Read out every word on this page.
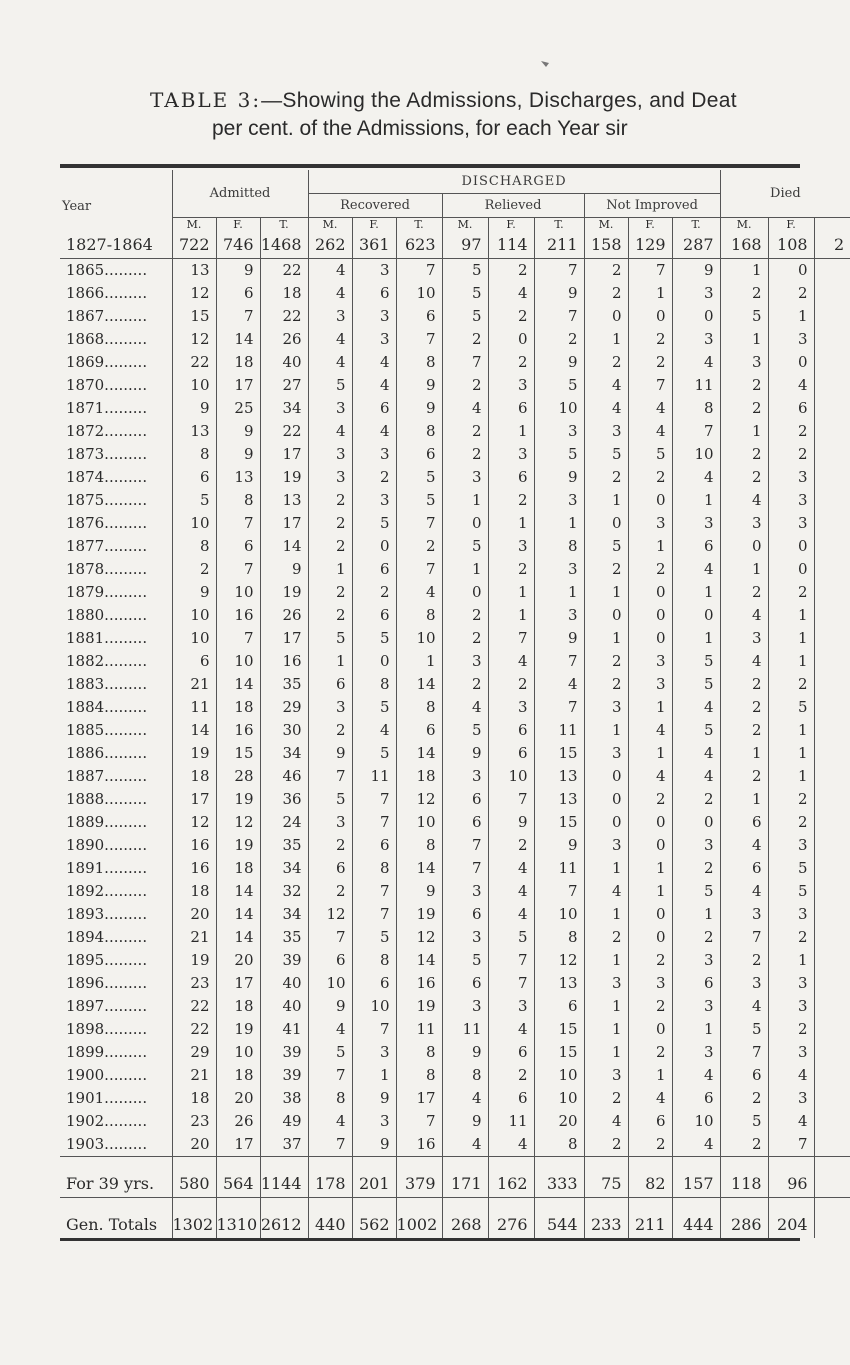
TABLE 3:—Showing the Admissions, Discharges, and Deat
per cent. of the Admissions, for each Year sir
Year	Admitted			DISCHARGED									Died		
				Recovered			Relieved			Not Improved					
	M.	F.	T.	M.	F.	T.	M.	F.	T.	M.	F.	T.	M.	F.	
1827-1864	722	746	1468	262	361	623	97	114	211	158	129	287	168	108	2
1865.........	13	9	22	4	3	7	5	2	7	2	7	9	1	0	
1866.........	12	6	18	4	6	10	5	4	9	2	1	3	2	2	
1867.........	15	7	22	3	3	6	5	2	7	0	0	0	5	1	
1868.........	12	14	26	4	3	7	2	0	2	1	2	3	1	3	
1869.........	22	18	40	4	4	8	7	2	9	2	2	4	3	0	
1870.........	10	17	27	5	4	9	2	3	5	4	7	11	2	4	
1871.........	9	25	34	3	6	9	4	6	10	4	4	8	2	6	
1872.........	13	9	22	4	4	8	2	1	3	3	4	7	1	2	
1873.........	8	9	17	3	3	6	2	3	5	5	5	10	2	2	
1874.........	6	13	19	3	2	5	3	6	9	2	2	4	2	3	
1875.........	5	8	13	2	3	5	1	2	3	1	0	1	4	3	
1876.........	10	7	17	2	5	7	0	1	1	0	3	3	3	3	
1877.........	8	6	14	2	0	2	5	3	8	5	1	6	0	0	
1878.........	2	7	9	1	6	7	1	2	3	2	2	4	1	0	
1879.........	9	10	19	2	2	4	0	1	1	1	0	1	2	2	
1880.........	10	16	26	2	6	8	2	1	3	0	0	0	4	1	
1881.........	10	7	17	5	5	10	2	7	9	1	0	1	3	1	
1882.........	6	10	16	1	0	1	3	4	7	2	3	5	4	1	
1883.........	21	14	35	6	8	14	2	2	4	2	3	5	2	2	
1884.........	11	18	29	3	5	8	4	3	7	3	1	4	2	5	
1885.........	14	16	30	2	4	6	5	6	11	1	4	5	2	1	
1886.........	19	15	34	9	5	14	9	6	15	3	1	4	1	1	
1887.........	18	28	46	7	11	18	3	10	13	0	4	4	2	1	
1888.........	17	19	36	5	7	12	6	7	13	0	2	2	1	2	
1889.........	12	12	24	3	7	10	6	9	15	0	0	0	6	2	
1890.........	16	19	35	2	6	8	7	2	9	3	0	3	4	3	
1891.........	16	18	34	6	8	14	7	4	11	1	1	2	6	5	
1892.........	18	14	32	2	7	9	3	4	7	4	1	5	4	5	
1893.........	20	14	34	12	7	19	6	4	10	1	0	1	3	3	
1894.........	21	14	35	7	5	12	3	5	8	2	0	2	7	2	
1895.........	19	20	39	6	8	14	5	7	12	1	2	3	2	1	
1896.........	23	17	40	10	6	16	6	7	13	3	3	6	3	3	
1897.........	22	18	40	9	10	19	3	3	6	1	2	3	4	3	
1898.........	22	19	41	4	7	11	11	4	15	1	0	1	5	2	
1899.........	29	10	39	5	3	8	9	6	15	1	2	3	7	3	
1900.........	21	18	39	7	1	8	8	2	10	3	1	4	6	4	
1901.........	18	20	38	8	9	17	4	6	10	2	4	6	2	3	
1902.........	23	26	49	4	3	7	9	11	20	4	6	10	5	4	
1903.........	20	17	37	7	9	16	4	4	8	2	2	4	2	7	

For 39 yrs.	580	564	1144	178	201	379	171	162	333	75	82	157	118	96	

Gen. Totals	1302	1310	2612	440	562	1002	268	276	544	233	211	444	286	204	
